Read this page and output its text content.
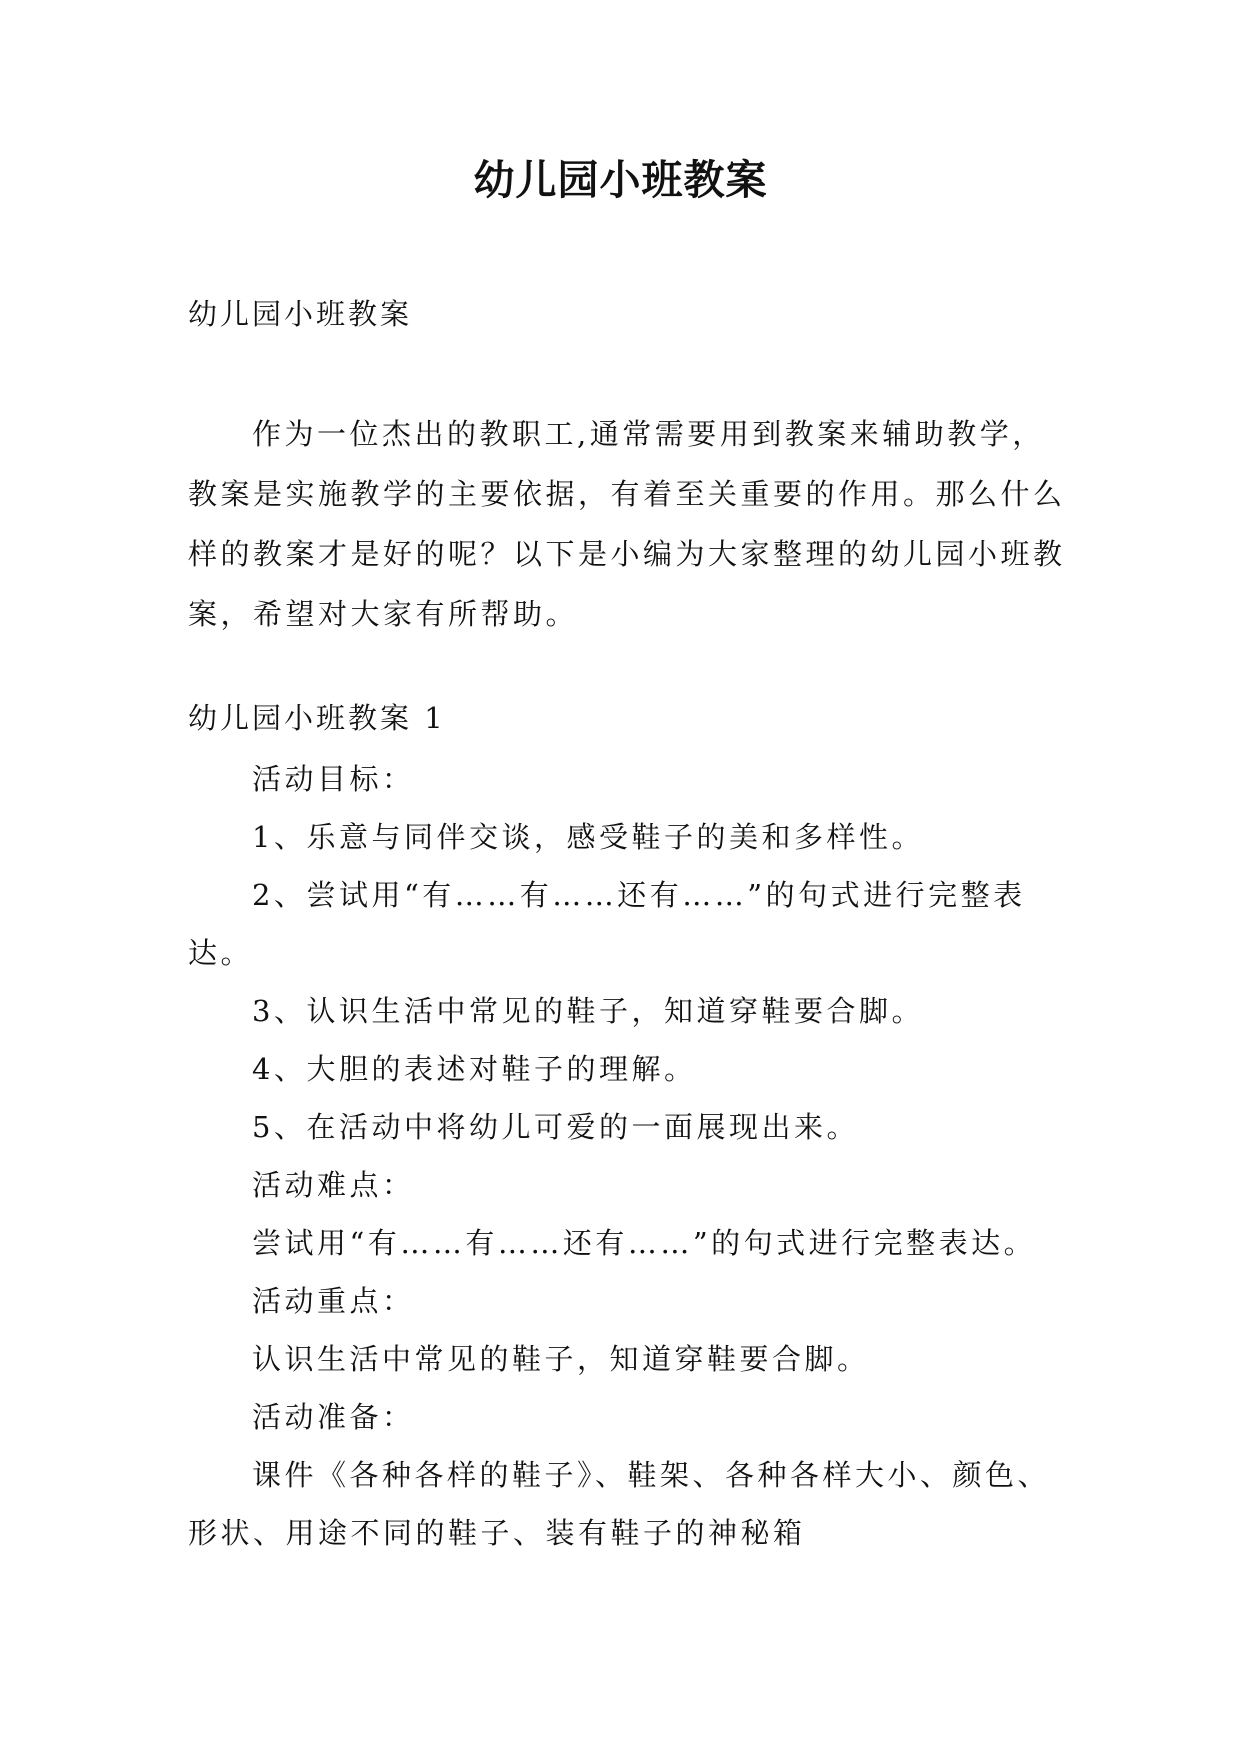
幼儿园小班教案
幼儿园小班教案

作为一位杰出的教职工,通常需要用到教案来辅助教学，教案是实施教学的主要依据，有着至关重要的作用。那么什么样的教案才是好的呢？以下是小编为大家整理的幼儿园小班教案，希望对大家有所帮助。

幼儿园小班教案 1

活动目标：

1、乐意与同伴交谈，感受鞋子的美和多样性。

2、尝试用“有……有……还有……”的句式进行完整表达。

3、认识生活中常见的鞋子，知道穿鞋要合脚。

4、大胆的表述对鞋子的理解。

5、在活动中将幼儿可爱的一面展现出来。

活动难点：

尝试用“有……有……还有……”的句式进行完整表达。

活动重点：

认识生活中常见的鞋子，知道穿鞋要合脚。

活动准备：

课件《各种各样的鞋子》、鞋架、各种各样大小、颜色、形状、用途不同的鞋子、装有鞋子的神秘箱
